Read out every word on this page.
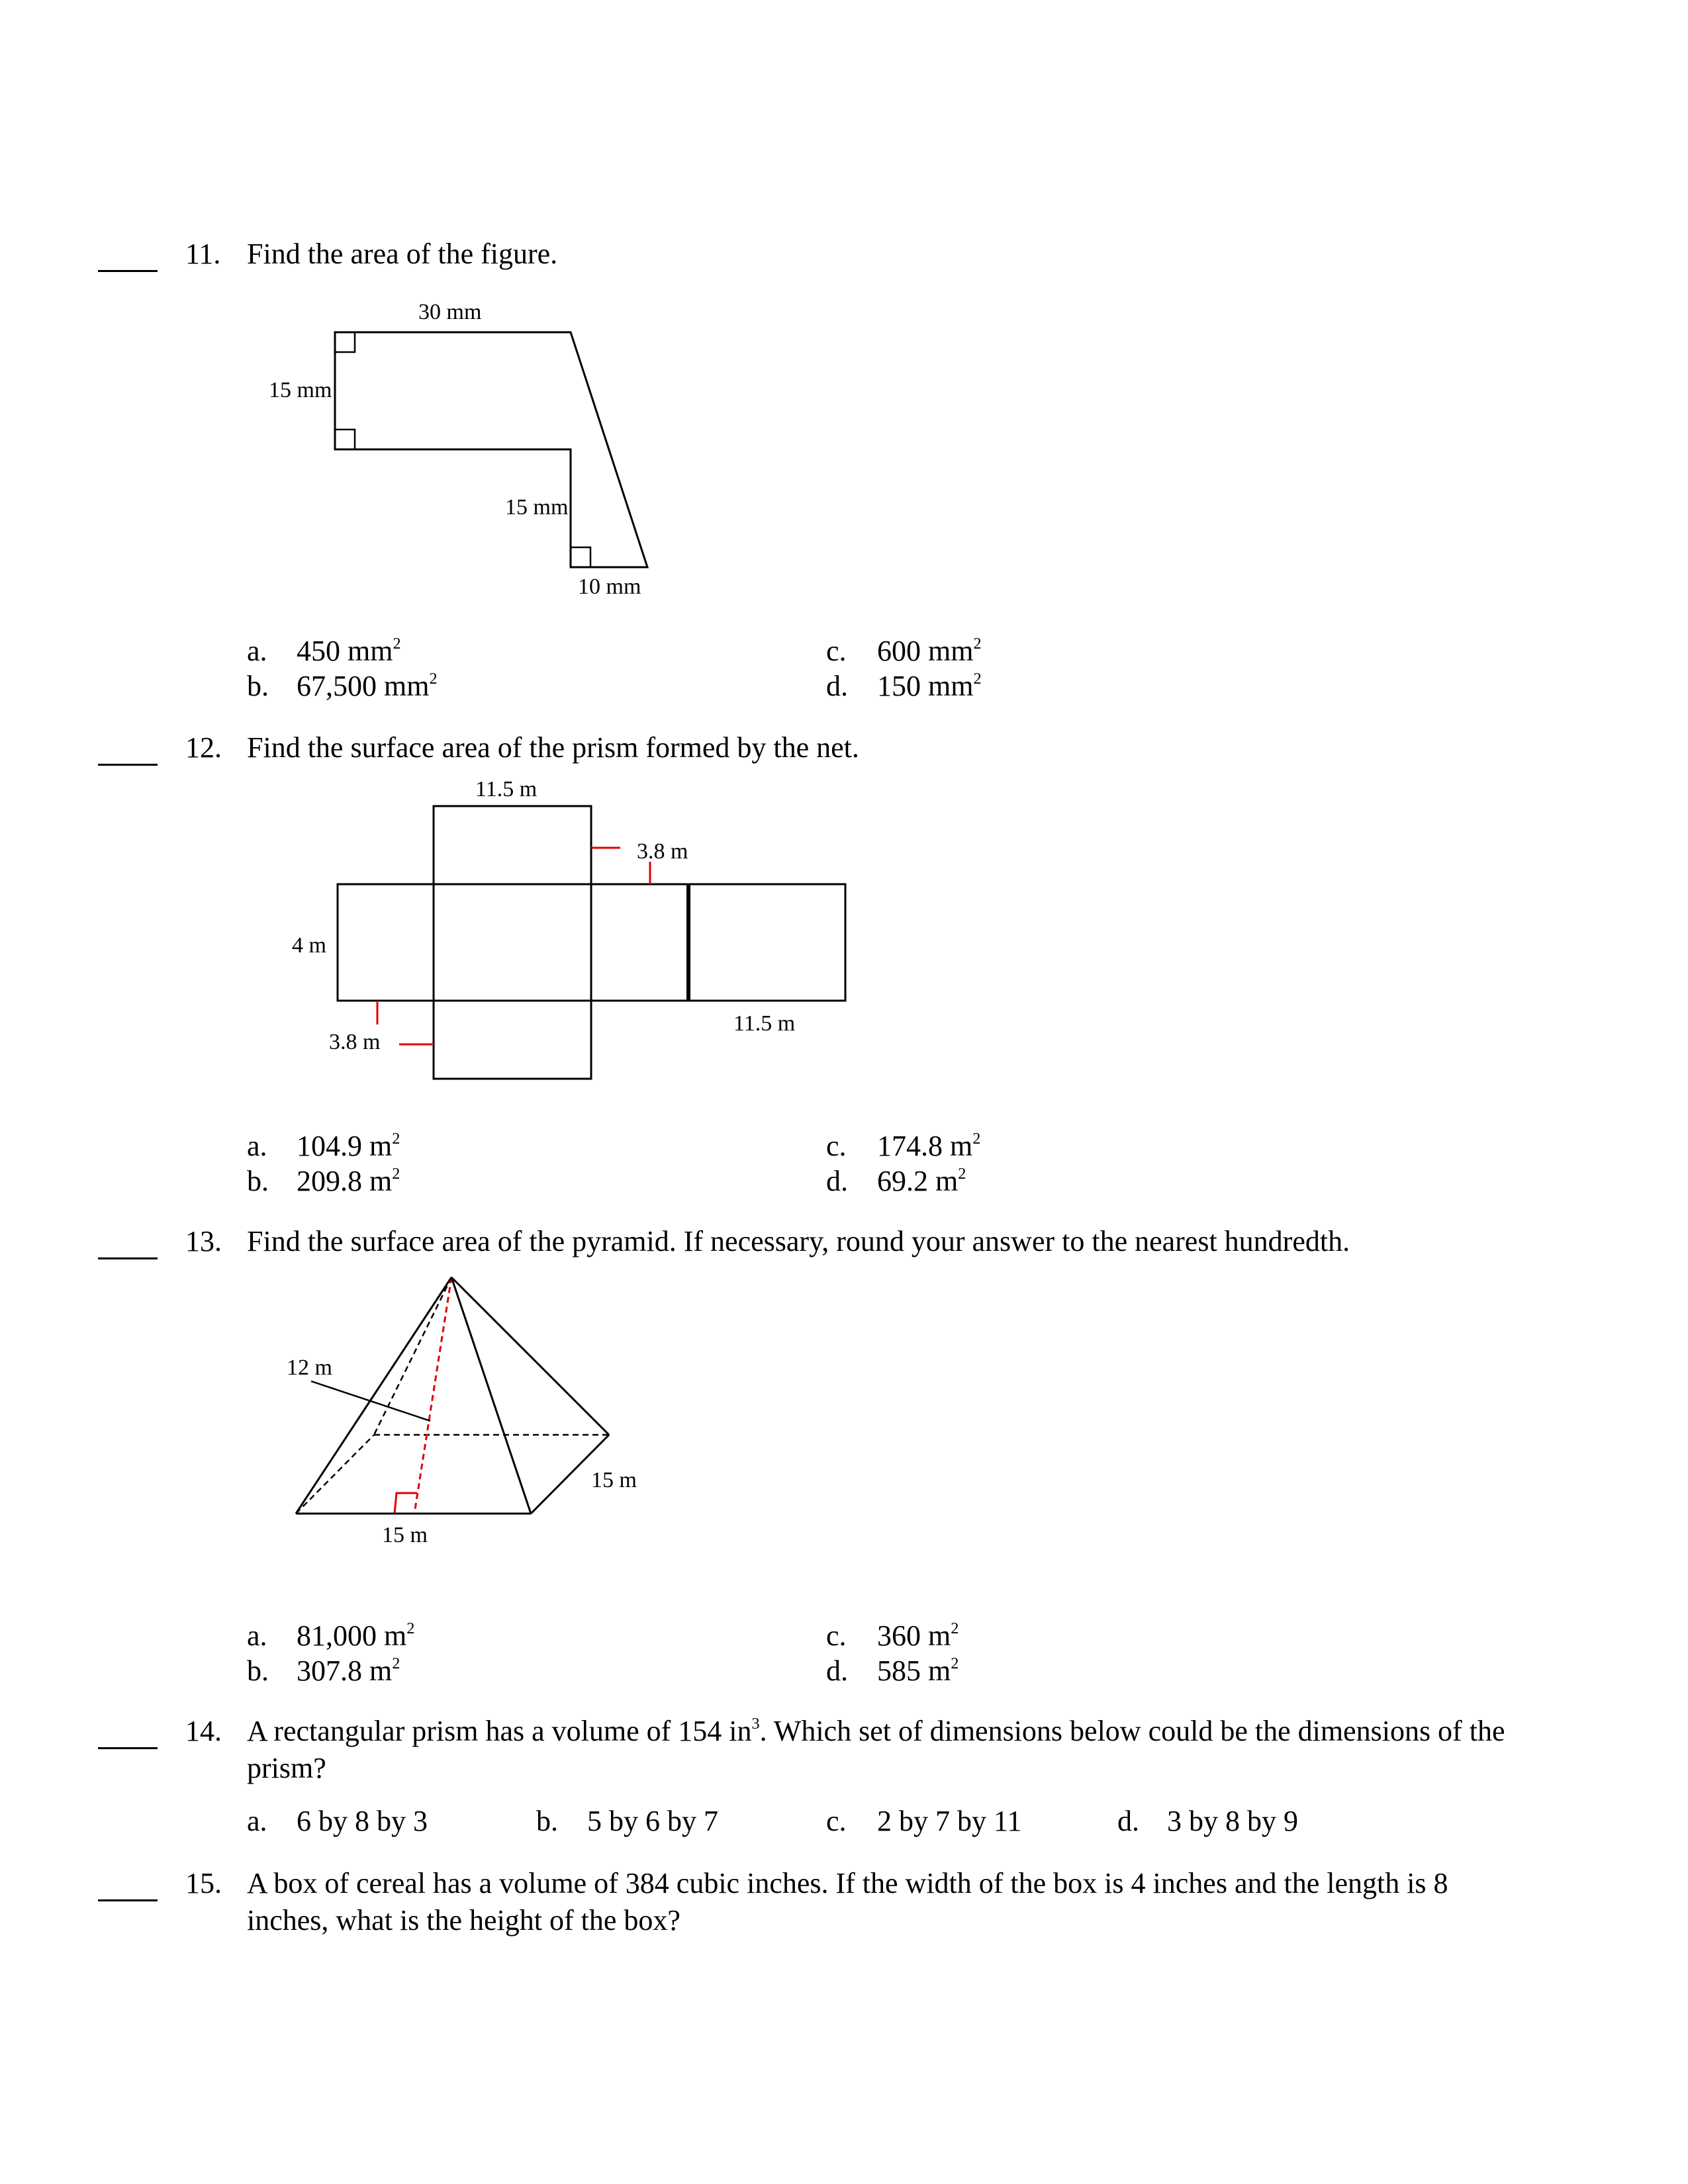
11. Find the area of the figure.
30 mm
15 mm
15 mm
10 mm
a. 450 $mm^2$
b. 67,500 $mm^2$
c. 600 $mm^2$
d. 150 $mm^2$
12. Find the surface area of the prism formed by the net.
11.5 m
3.8 m
4 m
3.8 m
11.5 m
a. 104.9 $m^2$
b. 209.8 $m^2$
c. 174.8 $m^2$
d. 69.2 $m^2$
13. Find the surface area of the pyramid. If necessary, round your answer to the nearest hundredth.
12 m
15 m
15 m
a. 81,000 $m^2$
b. 307.8 $m^2$
c. 360 $m^2$
d. 585 $m^2$
14. A rectangular prism has a volume of 154 $in^3$. Which set of dimensions below could be the dimensions of the
prism?
a. 6 by 8 by 3	b. 5 by 6 by 7	c. 2 by 7 by 11	d. 3 by 8 by 9
15. A box of cereal has a volume of 384 cubic inches. If the width of the box is 4 inches and the length is 8
inches, what is the height of the box?
